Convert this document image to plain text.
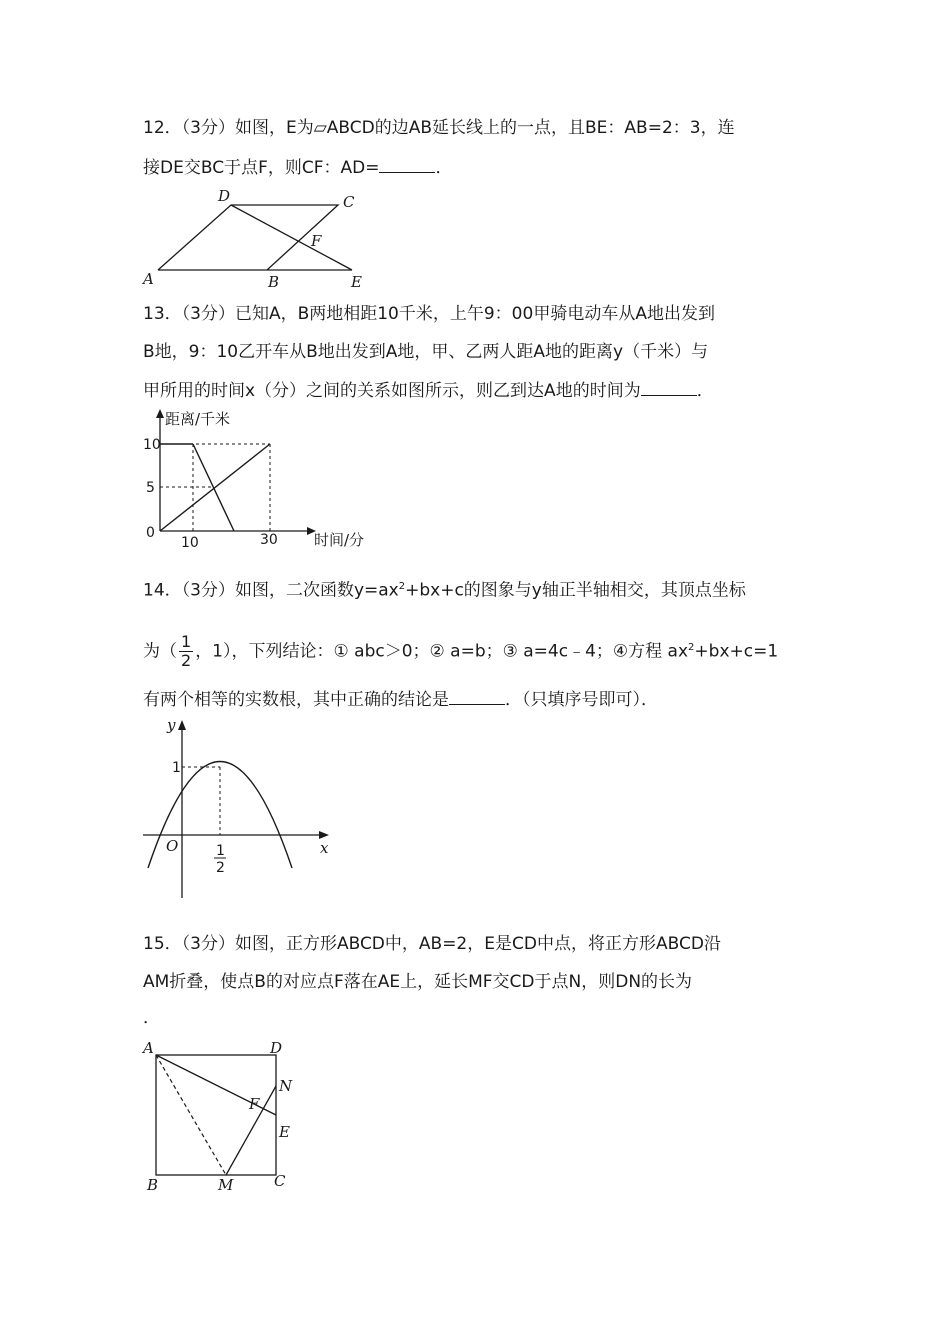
12．（3分）如图，E为▱ABCD的边AB延长线上的一点，且BE：AB=2：3，连
接DE交BC于点F，则CF：AD=	．
A
D	C
F
B	E
13．（3分）已知A，B两地相距10千米，上午9：00甲骑电动车从A地出发到
B地，9：10乙开车从B地出发到A地，甲、乙两人距A地的距离y（千米）与
甲所用的时间x（分）之间的关系如图所示，则乙到达A地的时间为	．
距离/千米
时间/分
10
5
0
10	30
14．（3分）如图，二次函数$y=ax^2+bx+c$的图象与y轴正半轴相交，其顶点坐标
为（ $\frac{1}{2}$ ，1），下列结论：① abc＞0；② a=b；③ a=4c﹣4；④方程 $ax^2+bx+c=1$
有两个相等的实数根，其中正确的结论是	．（只填序号即可）．
y
x
O
1
1
2
15．（3分）如图，正方形ABCD中，AB=2，E是CD中点，将正方形ABCD沿
AM折叠，使点B的对应点F落在AE上，延长MF交CD于点N，则DN的长为
．
A	D
N
F
E
B	M	C
